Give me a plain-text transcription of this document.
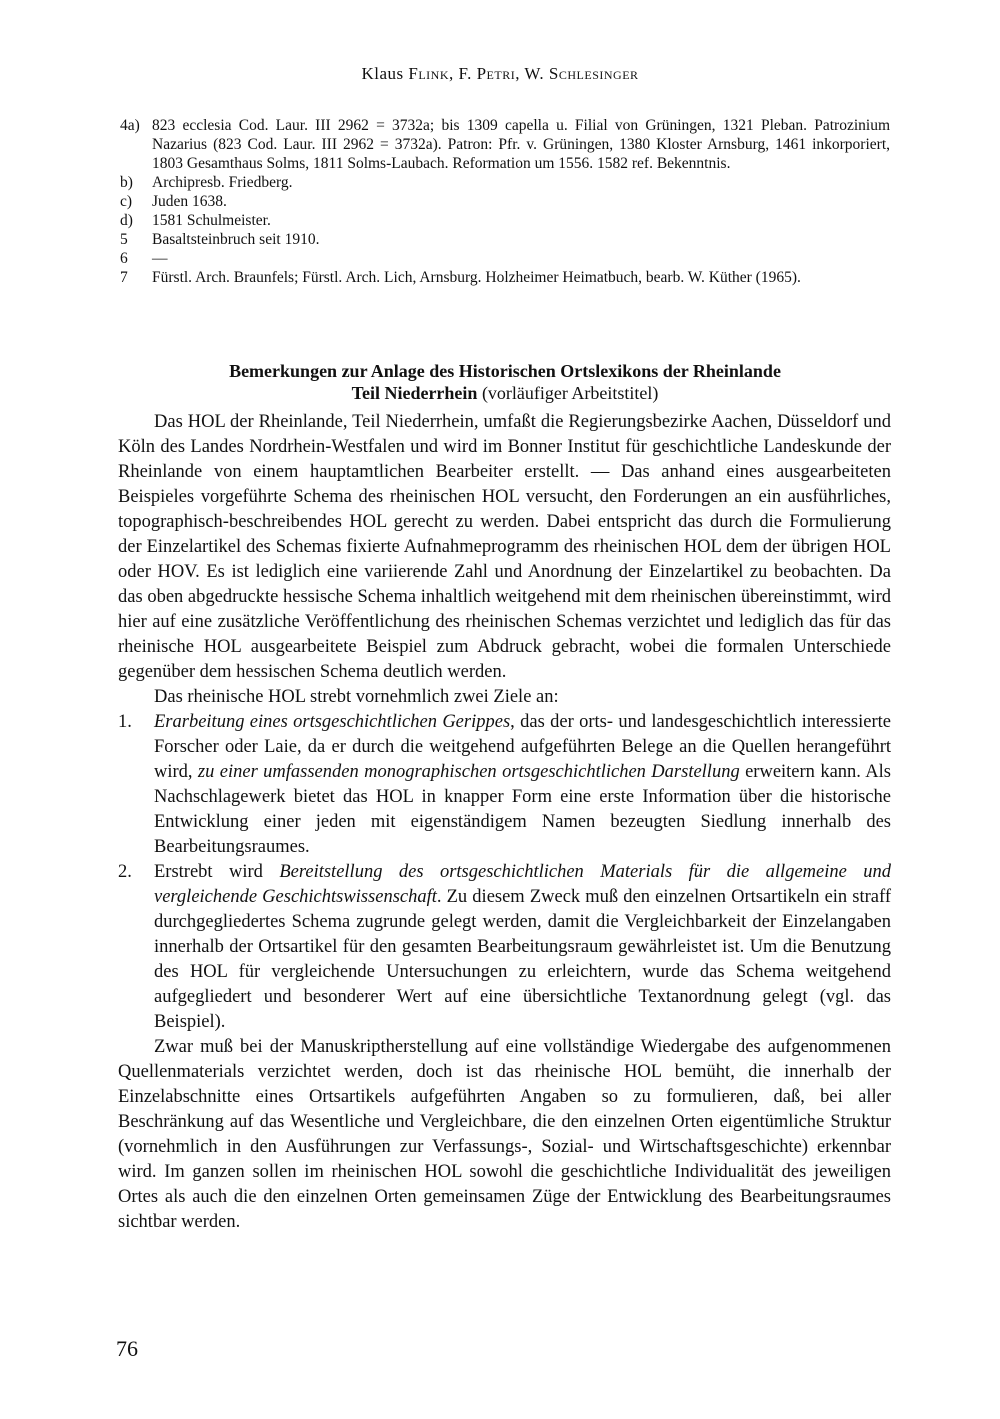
Klaus Flink, F. Petri, W. Schlesinger
4a) 823 ecclesia Cod. Laur. III 2962 = 3732a; bis 1309 capella u. Filial von Grüningen, 1321 Pleban. Patrozinium Nazarius (823 Cod. Laur. III 2962 = 3732a). Patron: Pfr. v. Grüningen, 1380 Kloster Arnsburg, 1461 inkorporiert, 1803 Gesamthaus Solms, 1811 Solms-Laubach. Reformation um 1556. 1582 ref. Bekenntnis.
b)	Archipresb. Friedberg.
c)	Juden 1638.
d)	1581 Schulmeister.
5	Basaltsteinbruch seit 1910.
6	—
7	Fürstl. Arch. Braunfels; Fürstl. Arch. Lich, Arnsburg. Holzheimer Heimatbuch, bearb. W. Küther (1965).
Bemerkungen zur Anlage des Historischen Ortslexikons der Rheinlande
Teil Niederrhein (vorläufiger Arbeitstitel)

Das HOL der Rheinlande, Teil Niederrhein, umfaßt die Regierungsbezirke Aachen, Düsseldorf und Köln des Landes Nordrhein-Westfalen und wird im Bonner Institut für geschichtliche Landeskunde der Rheinlande von einem hauptamtlichen Bearbeiter erstellt. — Das anhand eines ausgearbeiteten Beispieles vorgeführte Schema des rheinischen HOL versucht, den Forderungen an ein ausführliches, topographisch-beschreibendes HOL gerecht zu werden. Dabei entspricht das durch die Formulierung der Einzelartikel des Schemas fixierte Aufnahmeprogramm des rheinischen HOL dem der übrigen HOL oder HOV. Es ist lediglich eine variierende Zahl und Anordnung der Einzelartikel zu beobachten. Da das oben abgedruckte hessische Schema inhaltlich weitgehend mit dem rheinischen übereinstimmt, wird hier auf eine zusätzliche Veröffentlichung des rheinischen Schemas verzichtet und lediglich das für das rheinische HOL ausgearbeitete Beispiel zum Abdruck gebracht, wobei die formalen Unterschiede gegenüber dem hessischen Schema deutlich werden.

Das rheinische HOL strebt vornehmlich zwei Ziele an:

1.	Erarbeitung eines ortsgeschichtlichen Gerippes, das der orts- und landesgeschichtlich interessierte Forscher oder Laie, da er durch die weitgehend aufgeführten Belege an die Quellen herangeführt wird, zu einer umfassenden monographischen ortsgeschichtlichen Darstellung erweitern kann. Als Nachschlagewerk bietet das HOL in knapper Form eine erste Information über die historische Entwicklung einer jeden mit eigenständigem Namen bezeugten Siedlung innerhalb des Bearbeitungsraumes.
2.	Erstrebt wird Bereitstellung des ortsgeschichtlichen Materials für die allgemeine und vergleichende Geschichtswissenschaft. Zu diesem Zweck muß den einzelnen Ortsartikeln ein straff durchgegliedertes Schema zugrunde gelegt werden, damit die Vergleichbarkeit der Einzelangaben innerhalb der Ortsartikel für den gesamten Bearbeitungsraum gewährleistet ist. Um die Benutzung des HOL für vergleichende Untersuchungen zu erleichtern, wurde das Schema weitgehend aufgegliedert und besonderer Wert auf eine übersichtliche Textanordnung gelegt (vgl. das Beispiel).

Zwar muß bei der Manuskriptherstellung auf eine vollständige Wiedergabe des aufgenommenen Quellenmaterials verzichtet werden, doch ist das rheinische HOL bemüht, die innerhalb der Einzelabschnitte eines Ortsartikels aufgeführten Angaben so zu formulieren, daß, bei aller Beschränkung auf das Wesentliche und Vergleichbare, die den einzelnen Orten eigentümliche Struktur (vornehmlich in den Ausführungen zur Verfassungs-, Sozial- und Wirtschaftsgeschichte) erkennbar wird. Im ganzen sollen im rheinischen HOL sowohl die geschichtliche Individualität des jeweiligen Ortes als auch die den einzelnen Orten gemeinsamen Züge der Entwicklung des Bearbeitungsraumes sichtbar werden.

76
